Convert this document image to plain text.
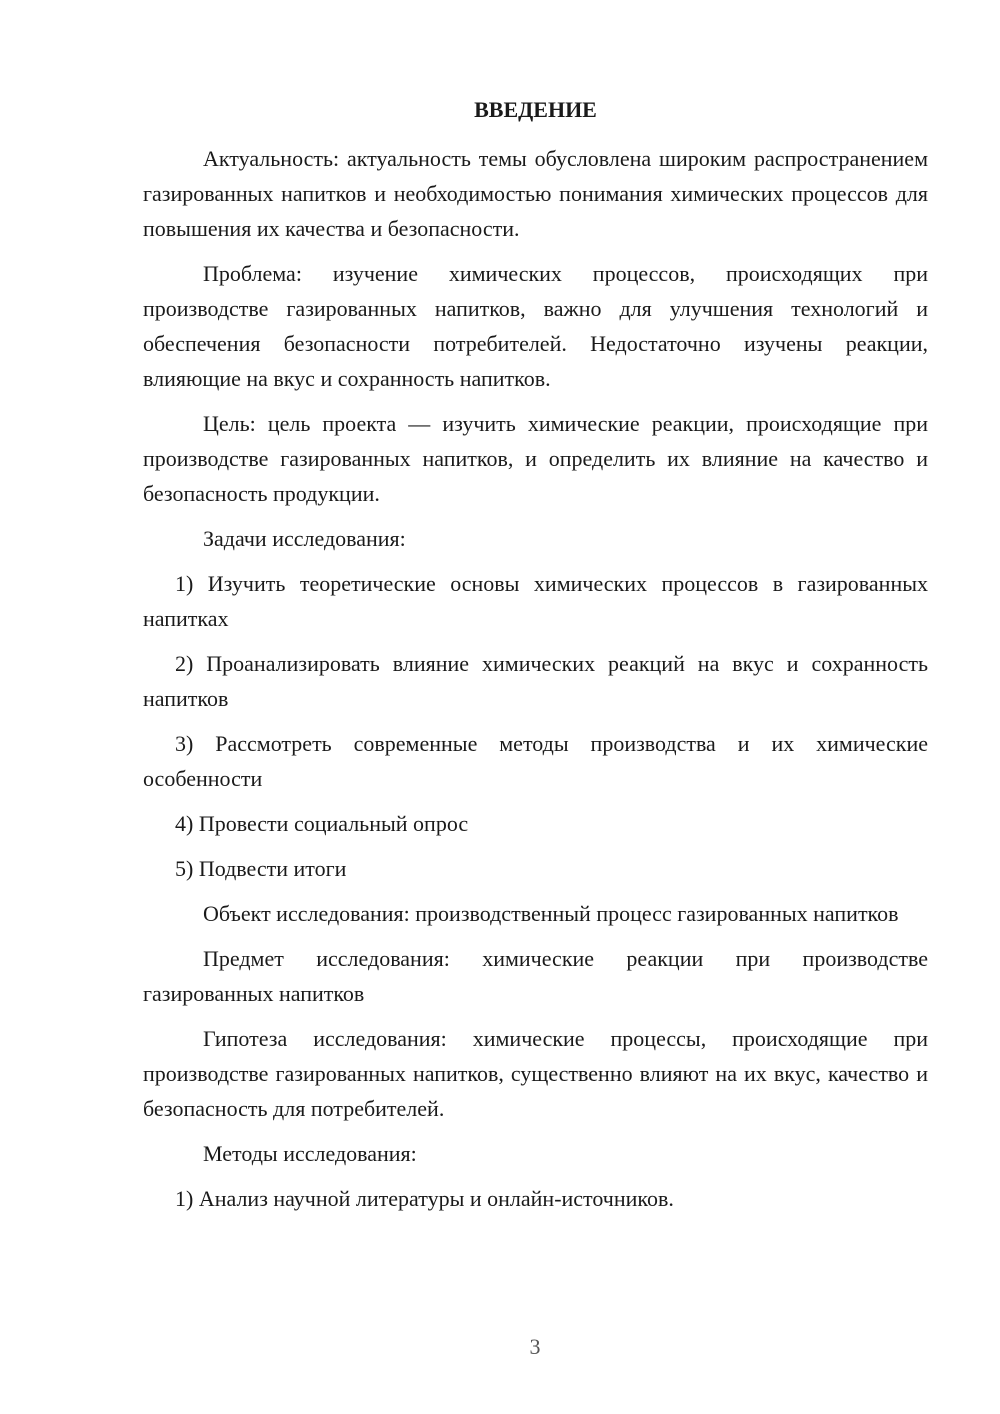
ВВЕДЕНИЕ

Актуальность: актуальность темы обусловлена широким распространением газированных напитков и необходимостью понимания химических процессов для повышения их качества и безопасности.

Проблема: изучение химических процессов, происходящих при производстве газированных напитков, важно для улучшения технологий и обеспечения безопасности потребителей. Недостаточно изучены реакции, влияющие на вкус и сохранность напитков.

Цель: цель проекта — изучить химические реакции, происходящие при производстве газированных напитков, и определить их влияние на качество и безопасность продукции.

Задачи исследования:

1) Изучить теоретические основы химических процессов в газированных напитках

2) Проанализировать влияние химических реакций на вкус и сохранность напитков

3) Рассмотреть современные методы производства и их химические особенности

4) Провести социальный опрос

5) Подвести итоги

Объект исследования: производственный процесс газированных напитков

Предмет исследования: химические реакции при производстве газированных напитков

Гипотеза исследования: химические процессы, происходящие при производстве газированных напитков, существенно влияют на их вкус, качество и безопасность для потребителей.

Методы исследования:

1) Анализ научной литературы и онлайн-источников.

3
